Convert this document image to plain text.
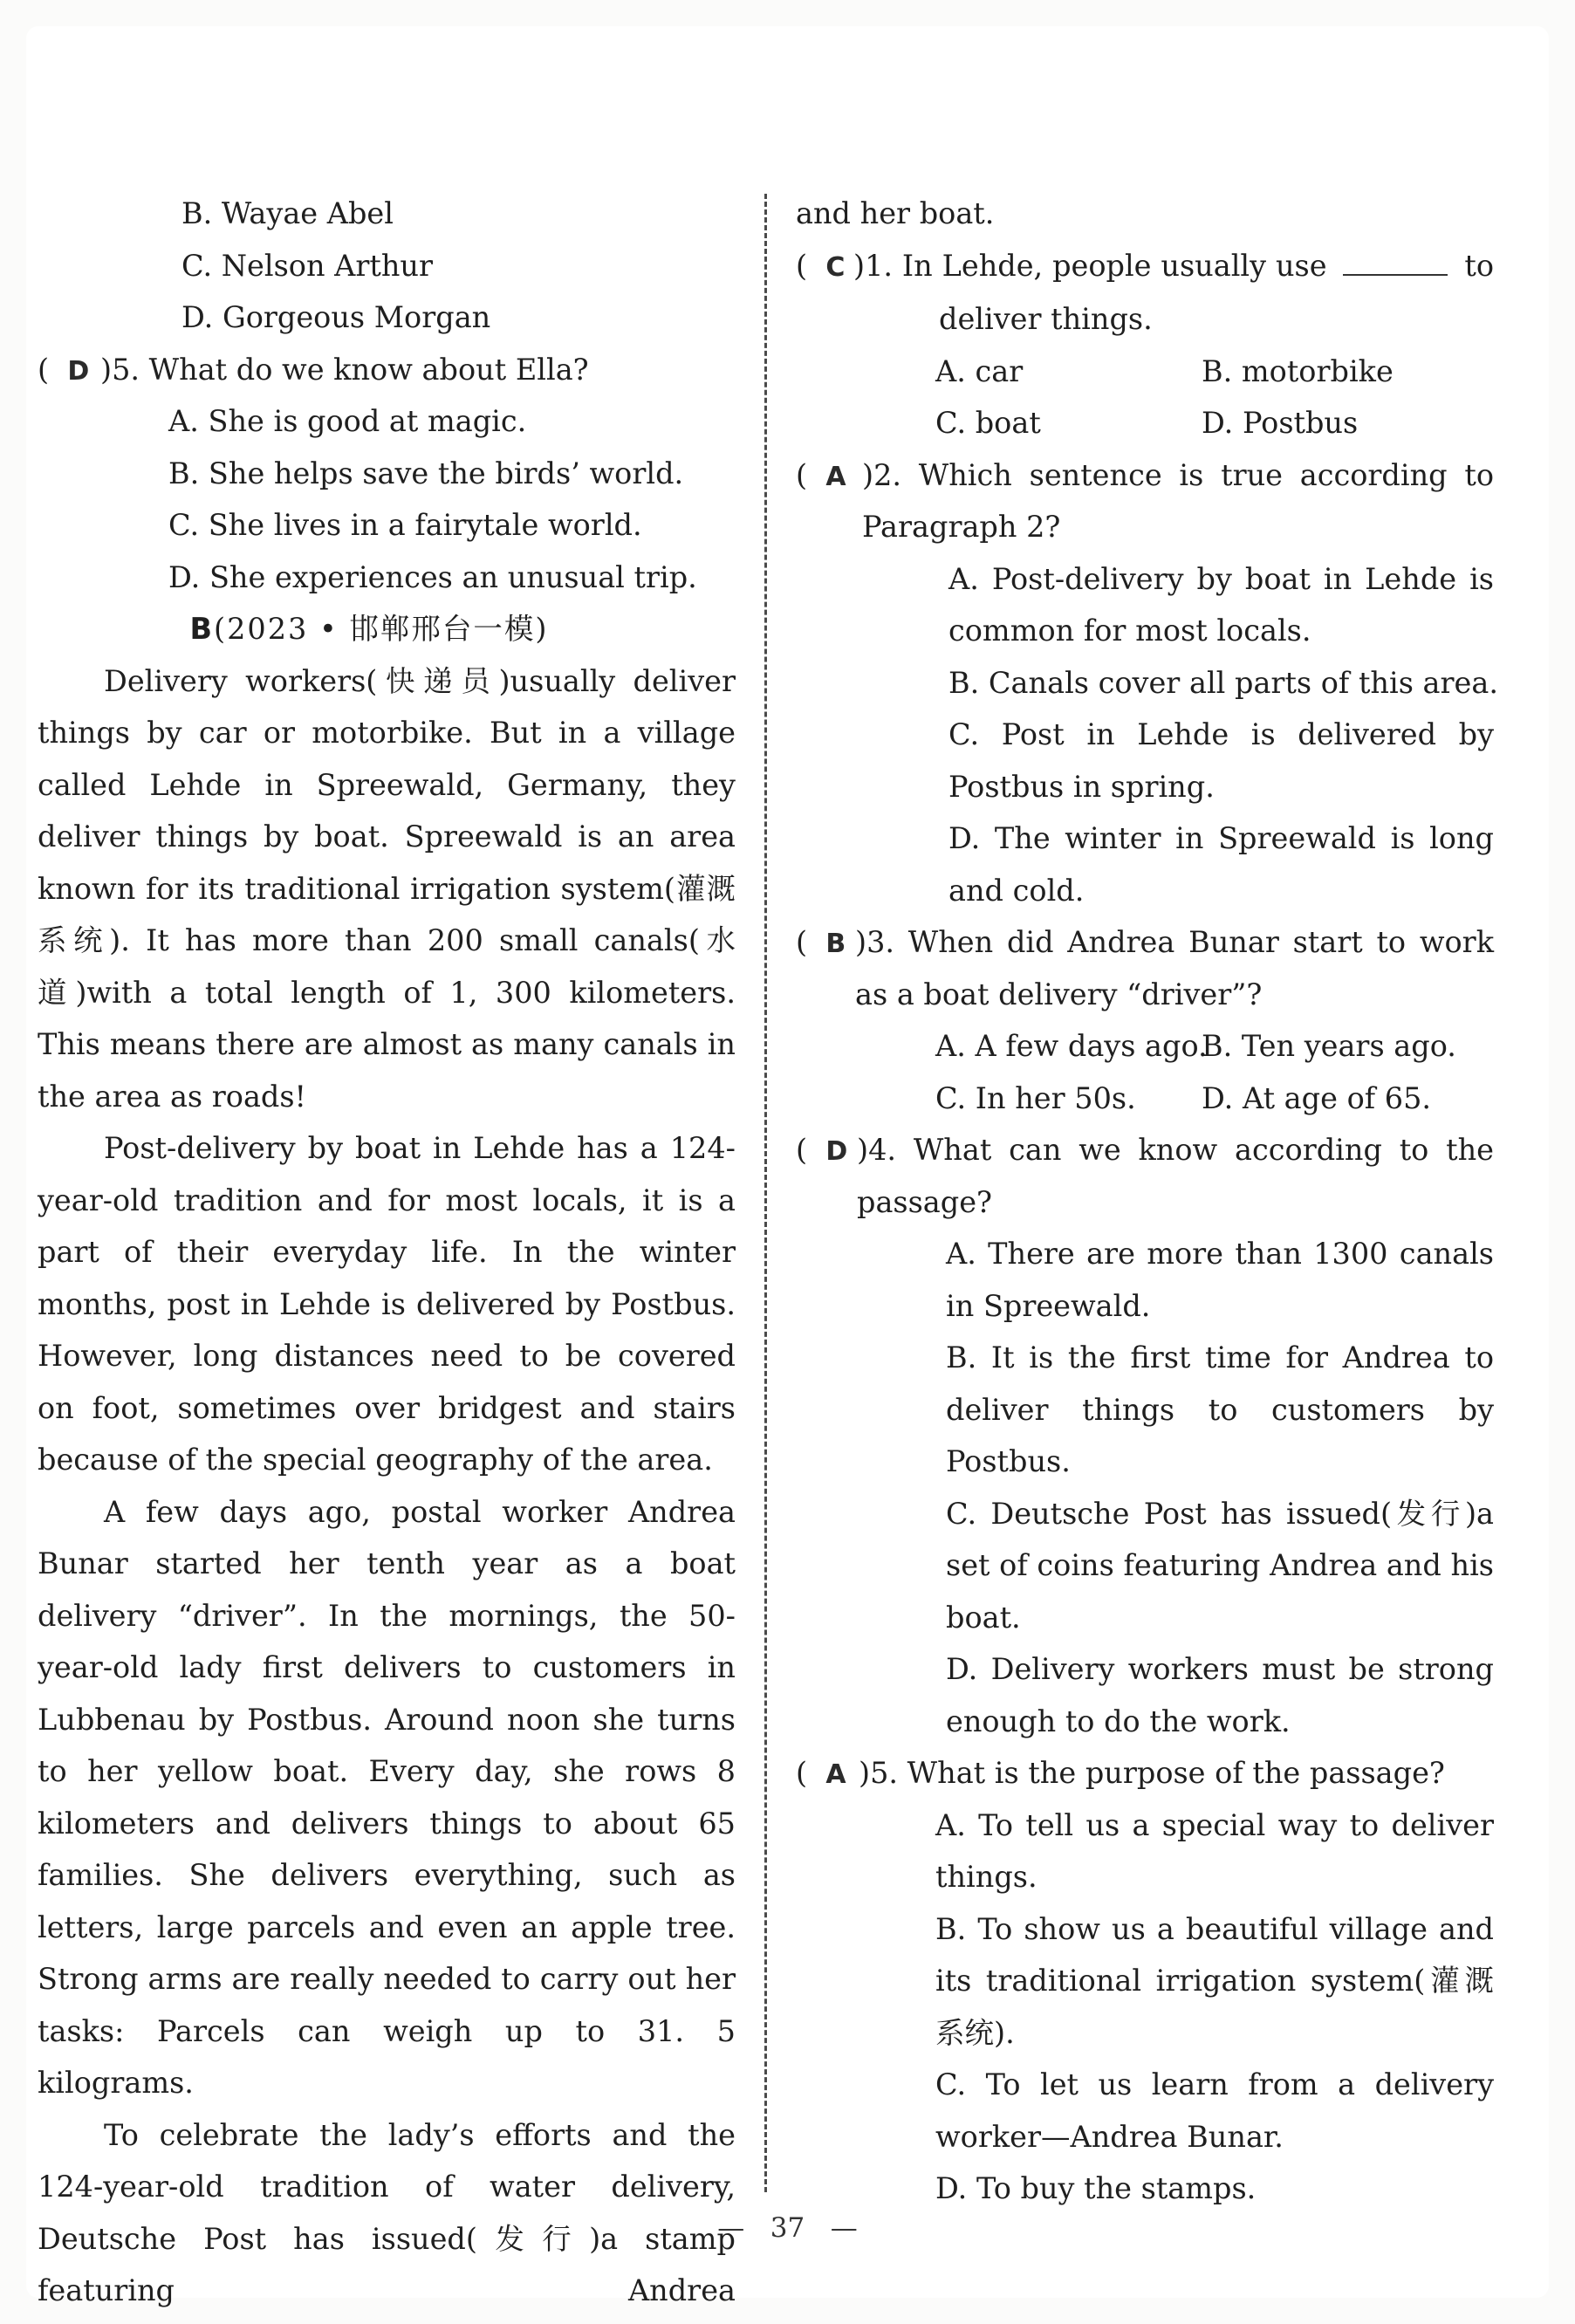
B. Wayae Abel
C. Nelson Arthur
D. Gorgeous Morgan
(  D )5. What do we know about Ella?
A. She is good at magic.
B. She helps save the birds’ world.
C. She lives in a fairytale world.
D. She experiences an unusual trip.
B(2023 • 邯郸邢台一模)

Delivery workers(快递员)usually deliver things by car or motorbike. But in a village called Lehde in Spreewald, Germany, they deliver things by boat. Spreewald is an area known for its traditional irrigation system(灌溉系统). It has more than 200 small canals(水道)with a total length of 1, 300 kilometers. This means there are almost as many canals in the area as roads!

Post-delivery by boat in Lehde has a 124-year-old tradition and for most locals, it is a part of their everyday life. In the winter months, post in Lehde is delivered by Postbus. However, long distances need to be covered on foot, sometimes over bridgest and stairs because of the special geography of the area.

A few days ago, postal worker Andrea Bunar started her tenth year as a boat delivery “driver”. In the mornings, the 50-year-old lady first delivers to customers in Lubbenau by Postbus. Around noon she turns to her yellow boat. Every day, she rows 8 kilometers and delivers things to about 65 families. She delivers everything, such as letters, large parcels and even an apple tree. Strong arms are really needed to carry out her tasks: Parcels can weigh up to 31. 5 kilograms.

To celebrate the lady’s efforts and the 124-year-old tradition of water delivery, Deutsche Post has issued(发行)a stamp featuring Andrea

and her boat.
(  C )1. In Lehde, people usually use	to
deliver things.
A. car	B. motorbike
C. boat	D. Postbus
(  A )2. Which sentence is true according to Paragraph 2?
A. Post-delivery by boat in Lehde is common for most locals.
B. Canals cover all parts of this area.
C. Post in Lehde is delivered by Postbus in spring.
D. The winter in Spreewald is long and cold.
(  B )3. When did Andrea Bunar start to work as a boat delivery “driver”?
A. A few days ago.
B. Ten years ago.
C. In her 50s.	D. At age of 65.
(  D )4. What can we know according to the passage?
A. There are more than 1300 canals in Spreewald.
B. It is the first time for Andrea to deliver things to customers by Postbus.
C. Deutsche Post has issued(发行)a set of coins featuring Andrea and his boat.
D. Delivery workers must be strong enough to do the work.
(  A )5. What is the purpose of the passage?
A. To tell us a special way to deliver things.
B. To show us a beautiful village and its traditional irrigation system(灌溉系统).
C. To let us learn from a delivery worker—Andrea Bunar.
D. To buy the stamps.
—   37   —
